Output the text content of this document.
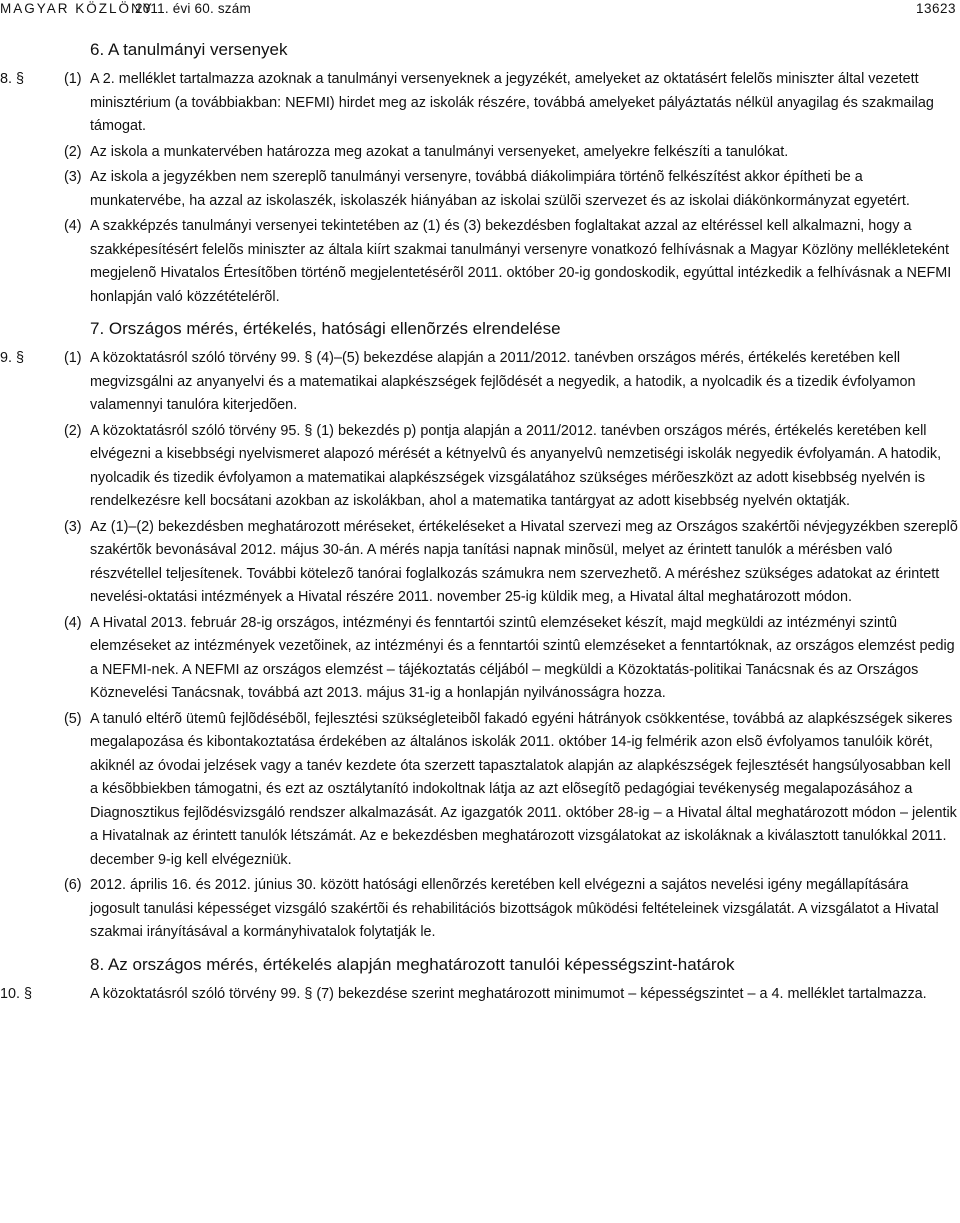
MAGYAR KÖZLÖNY
2011. évi 60. szám	13623
6. A tanulmányi versenyek
8. §	(1) A 2. melléklet tartalmazza azoknak a tanulmányi versenyeknek a jegyzékét, amelyeket az oktatásért felelõs miniszter által vezetett minisztérium (a továbbiakban: NEFMI) hirdet meg az iskolák részére, továbbá amelyeket pályáztatás nélkül anyagilag és szakmailag támogat.
(2) Az iskola a munkatervében határozza meg azokat a tanulmányi versenyeket, amelyekre felkészíti a tanulókat.
(3) Az iskola a jegyzékben nem szereplõ tanulmányi versenyre, továbbá diákolimpiára történõ felkészítést akkor építheti be a munkatervébe, ha azzal az iskolaszék, iskolaszék hiányában az iskolai szülõi szervezet és az iskolai diákönkormányzat egyetért.
(4) A szakképzés tanulmányi versenyei tekintetében az (1) és (3) bekezdésben foglaltakat azzal az eltéréssel kell alkalmazni, hogy a szakképesítésért felelõs miniszter az általa kiírt szakmai tanulmányi versenyre vonatkozó felhívásnak a Magyar Közlöny mellékleteként megjelenõ Hivatalos Értesítõben történõ megjelentetésérõl 2011. október 20-ig gondoskodik, egyúttal intézkedik a felhívásnak a NEFMI honlapján való közzétételérõl.
7. Országos mérés, értékelés, hatósági ellenõrzés elrendelése
9. §	(1) A közoktatásról szóló törvény 99. § (4)–(5) bekezdése alapján a 2011/2012. tanévben országos mérés, értékelés keretében kell megvizsgálni az anyanyelvi és a matematikai alapkészségek fejlõdését a negyedik, a hatodik, a nyolcadik és a tizedik évfolyamon valamennyi tanulóra kiterjedõen.
(2) A közoktatásról szóló törvény 95. § (1) bekezdés p) pontja alapján a 2011/2012. tanévben országos mérés, értékelés keretében kell elvégezni a kisebbségi nyelvismeret alapozó mérését a kétnyelvû és anyanyelvû nemzetiségi iskolák negyedik évfolyamán. A hatodik, nyolcadik és tizedik évfolyamon a matematikai alapkészségek vizsgálatához szükséges mérõeszközt az adott kisebbség nyelvén is rendelkezésre kell bocsátani azokban az iskolákban, ahol a matematika tantárgyat az adott kisebbség nyelvén oktatják.
(3) Az (1)–(2) bekezdésben meghatározott méréseket, értékeléseket a Hivatal szervezi meg az Országos szakértõi névjegyzékben szereplõ szakértõk bevonásával 2012. május 30-án. A mérés napja tanítási napnak minõsül, melyet az érintett tanulók a mérésben való részvétellel teljesítenek. További kötelezõ tanórai foglalkozás számukra nem szervezhetõ. A méréshez szükséges adatokat az érintett nevelési-oktatási intézmények a Hivatal részére 2011. november 25-ig küldik meg, a Hivatal által meghatározott módon.
(4) A Hivatal 2013. február 28-ig országos, intézményi és fenntartói szintû elemzéseket készít, majd megküldi az intézményi szintû elemzéseket az intézmények vezetõinek, az intézményi és a fenntartói szintû elemzéseket a fenntartóknak, az országos elemzést pedig a NEFMI-nek. A NEFMI az országos elemzést – tájékoztatás céljából – megküldi a Közoktatás-politikai Tanácsnak és az Országos Köznevelési Tanácsnak, továbbá azt 2013. május 31-ig a honlapján nyilvánosságra hozza.
(5) A tanuló eltérõ ütemû fejlõdésébõl, fejlesztési szükségleteibõl fakadó egyéni hátrányok csökkentése, továbbá az alapkészségek sikeres megalapozása és kibontakoztatása érdekében az általános iskolák 2011. október 14-ig felmérik azon elsõ évfolyamos tanulóik körét, akiknél az óvodai jelzések vagy a tanév kezdete óta szerzett tapasztalatok alapján az alapkészségek fejlesztését hangsúlyosabban kell a késõbbiekben támogatni, és ezt az osztálytanító indokoltnak látja az azt elõsegítõ pedagógiai tevékenység megalapozásához a Diagnosztikus fejlõdésvizsgáló rendszer alkalmazását. Az igazgatók 2011. október 28-ig – a Hivatal által meghatározott módon – jelentik a Hivatalnak az érintett tanulók létszámát. Az e bekezdésben meghatározott vizsgálatokat az iskoláknak a kiválasztott tanulókkal 2011. december 9-ig kell elvégezniük.
(6) 2012. április 16. és 2012. június 30. között hatósági ellenõrzés keretében kell elvégezni a sajátos nevelési igény megállapítására jogosult tanulási képességet vizsgáló szakértõi és rehabilitációs bizottságok mûködési feltételeinek vizsgálatát. A vizsgálatot a Hivatal szakmai irányításával a kormányhivatalok folytatják le.
8. Az országos mérés, értékelés alapján meghatározott tanulói képességszint-határok
10. §	A közoktatásról szóló törvény 99. § (7) bekezdése szerint meghatározott minimumot – képességszintet – a 4. melléklet tartalmazza.
